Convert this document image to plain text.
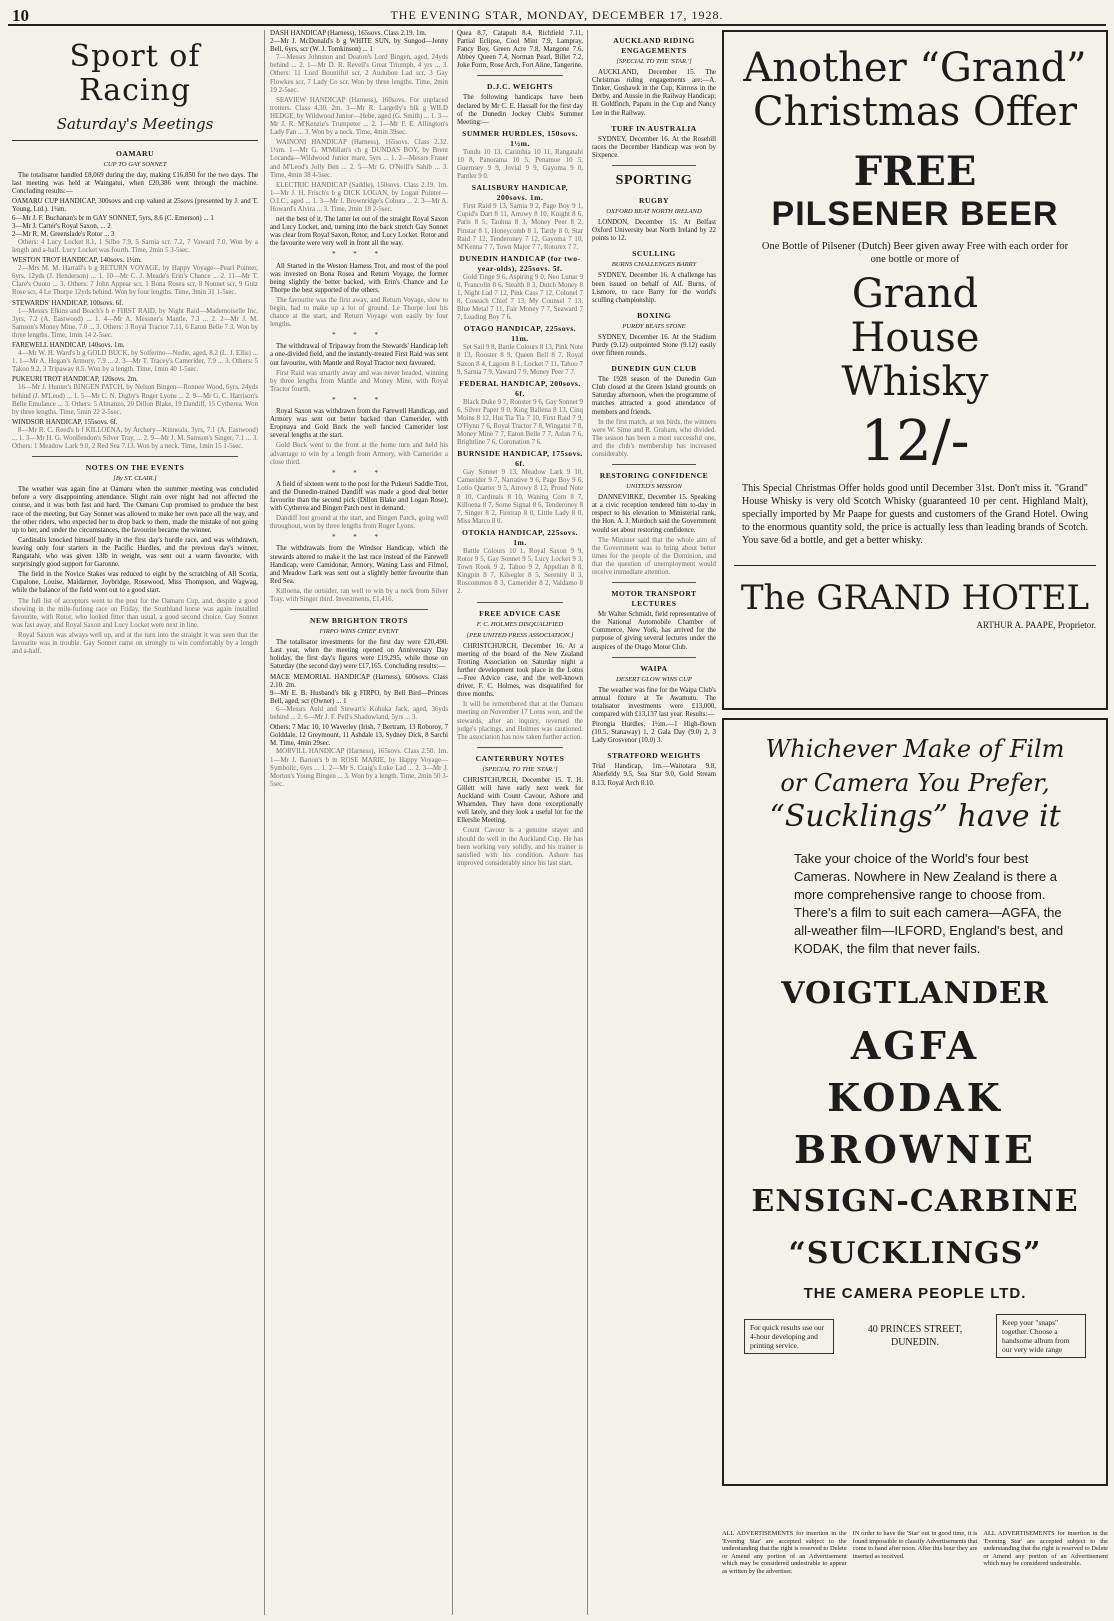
10	THE EVENING STAR, MONDAY, DECEMBER 17, 1928.
Sport of Racing
Saturday's Meetings
OAMARU
CUP TO GAY SONNET

The totalisator handled £8,069 during the day, making £16,850 for the two days. The last meeting was held at Waingatui, when £20,386 went through the machine. Concluding results:—

OAMARU CUP HANDICAP, 300sovs and cup valued at 25sovs (presented by J. and T. Young, Ltd.). 1¼m.

6—Mr J. F. Buchanan's br m GAY SONNET, 5yrs, 8.6 (C. Emerson) ... 1

3—Mr J. Carter's Royal Saxon, ... 2

2—Mr R. M. Greenslade's Rotor ... 3

Others: 4 Lucy Locket 8.1, 1 Silbo 7.9, 5 Sarnia scr. 7.2, 7 Vaward 7.0. Won by a length and a-half. Lucy Locket was fourth. Time, 2min 5 3-5sec.

WESTON TROT HANDICAP, 140sovs. 1½m.

2—Mrs M. M. Harrall's b g RETURN VOYAGE, by Happy Voyage—Pearl Pointer, 6yrs, 12yds (J. Henderson) ... 1. 10—Mr C. J. Meade's Erin's Chance ... 2. 11—Mr T. Clare's Ouoto ... 3. Others: 7 John Appear scr, 1 Bona Rosea scr, 8 Nonnet scr, 9 Guiz Rose scr, 4 Le Thorpe 12yds behind. Won by four lengths. Time, 3min 31 1-5sec.

STEWARDS' HANDICAP, 100sovs. 6f.

1—Messrs Elkins and Beach's b e FIRST RAID, by Night Raid—Mademoiselle Inc, 3yrs, 7.2 (A. Eastwood) ... 1. 4—Mr A. Messner's Mantle, 7.3 ... 2. 2—Mr J. M. Samson's Money Mine, 7.0 ... 3. Others: 3 Royal Tractor 7.11, 6 Eaton Belle 7.3. Won by three lengths. Time, 1min 14 2-5sec.

FAREWELL HANDICAP, 140sovs. 1m.

4—Mr W. H. Ward's b g GOLD BUCK, by Solferino—Nudie, aged, 8.2 (L. J. Ellis) ... 1. 1—Mr A. Hogan's Armory, 7.9 ... 2. 3—Mr T. Tracey's Camerider, 7.9 ... 3. Others: 5 Takoo 9.2, 3 Tripaway 8.5. Won by a length. Time, 1min 40 1-5sec.

PUKEURI TROT HANDICAP, 120sovs. 2m.

16—Mr J. Hunter's BINGEN PATCH, by Nelson Bingen—Ronnee Wood, 6yrs, 24yds behind (J. M'Leod) ... 1. 5—Mr C. N. Digby's Roger Lyons ... 2. 9—Mr G. C. Harrison's Belle Emulance ... 3. Others: 5 Almanzo, 20 Dillon Blake, 19 Dandiff, 15 Cytherea. Won by three lengths. Time, 5min 22 2-5sec.

WINDSOR HANDICAP, 155sovs. 6f.

8—Mr R. C. Reed's b f KILLOENA, by Archery—Kinneala, 3yrs, 7.1 (A. Eastwood) ... 1. 3—Mr H. G. Woolfendon's Silver Tray, ... 2. 9—Mr J. M. Samson's Singer, 7.1 ... 3. Others: 1 Meadow Lark 9.0, 2 Red Sea 7.13. Won by a neck. Time, 1min 15 1-5sec.

NOTES ON THE EVENTS
[By ST. CLAIR.]

The weather was again fine at Oamaru when the summer meeting was concluded before a very disappointing attendance. Slight rain over night had not affected the course, and it was both fast and hard. The Oamaru Cup promised to produce the best race of the meeting, but Gay Sonnet was allowed to make her own pace all the way, and the other riders, who expected her to drop back to them, made the mistake of not going up to her, and under the circumstances, the favourite became the winner.

Cardinalis knocked himself badly in the first day's hurdle race, and was withdrawn, leaving only four starters in the Pacific Hurdles, and the previous day's winner, Rangatahi, who was given 13lb in weight, was sent out a warm favourite, with surprisingly good support for Garonne.

The field in the Novice Stakes was reduced to eight by the scratching of All Scotia, Cupalone, Louise, Maidanner, Joybridge, Rosewood, Miss Thompson, and Wagwag, while the balance of the field went out to a good start.

The full list of acceptors went to the post for the Oamaru Cup, and, despite a good showing in the mile-furlong race on Friday, the Southland horse was again installed favourite, with Rotor, who looked fitter than usual, a good second choice. Gay Sonnet was fast away, and Royal Saxon and Lucy Locket were next in line.

Royal Saxon was always well up, and at the turn into the straight it was seen that the favourite was in trouble. Gay Sonnet came on strongly to win comfortably by a length and a-half.

DASH HANDICAP (Harness), 165sovs. Class 2.19. 1m.

2—Mr J. McDonald's b g WHITE SUN, by Sungod—Jenny Bell, 6yrs, scr (W. J. Tomkinson) ... 1

7—Messrs Johnston and Deaton's Lord Bingen, aged, 24yds behind ... 2. 1—Mr D. R. Revell's Great Triumph, 4 yrs ... 3. Others: 11 Lord Bountiful scr, 2 Audubon Lad scr, 3 Gay Flowkes scr, 7 Lady Co scr. Won by three lengths. Time, 2min 19 2-5sec.

SEAVIEW HANDICAP (Harness), 160sovs. For unplaced trotters. Class 4.30. 2m. 3—Mr R. Largelly's blk g WILD HEDGE, by Wildwood Junior—Hebe, aged (G. Smith) ... 1. 3—Mr J. R. M'Kenzie's Trumpeter ... 2. 1—Mr F. E. Allington's Lady Fan ... 3. Won by a neck. Time, 4min 39sec.

WAINONI HANDICAP (Harness), 165sovs. Class 2.32. 1¼m. 1—Mr G. M'Millan's ch g DUNDAS BOY, by Brent Locanda—Wildwood Junior mare, 5yrs ... 1. 2—Messrs Fraser and M'Leod's Jolly Ben ... 2. 5—Mr G. O'Neill's Sahib ... 3. Time, 4min 38 4-5sec.

ELECTRIC HANDICAP (Saddle), 150sovs. Class 2.19. 1m. 1—Mr J. H. Frisch's b g DICK LOGAN, by Logan Pointer—O.I.C., aged ... 1. 3—Mr J. Brownridge's Cobura ... 2. 3—Mr A. Howard's Alvira ... 3. Time, 2min 18 2-5sec.

net the best of it. The latter let out of the straight Royal Saxon and Lucy Locket, and, turning into the back stretch Gay Sonnet was clear from Royal Saxon, Rotor, and Lucy Locket. Rotor and the favourite were very well in front all the way.

* * *

All Started in the Weston Harness Trot, and most of the pool was invested on Bona Rosea and Return Voyage, the former being slightly the better backed, with Erin's Chance and Le Thorpe the best supported of the others.

The favourite was the first away, and Return Voyage, slow to begin, had to make up a lot of ground. Le Thorpe lost his chance at the start, and Return Voyage won easily by four lengths.

* * *

The withdrawal of Tripaway from the Stewards' Handicap left a one-divided field, and the instantly-treated First Raid was sent out favourite, with Mantle and Royal Tractor next favoured.

First Raid was smartly away and was never headed, winning by three lengths from Mantle and Money Mine, with Royal Tractor fourth.

* * *

Royal Saxon was withdrawn from the Farewell Handicap, and Armory was sent out better backed than Camerider, with Eropnaya and Gold Buck the well fancied Camerider lost several lengths at the start.

Gold Buck went to the front at the home turn and held his advantage to win by a length from Armory, with Camerider a close third.

* * *

A field of sixteen went to the post for the Pukeuri Saddle Trot, and the Dunedin-trained Dandiff was made a good deal better favourite than the second pick (Dillon Blake and Logan Rose), with Cytherea and Bingen Patch next in demand.

Dandiff lost ground at the start, and Bingen Patch, going well throughout, won by three lengths from Roger Lyons.

* * *

The withdrawals from the Windsor Handicap, which the stewards altered to make it the last race instead of the Farewell Handicap, were Camidonar, Armory, Waning Lass and Filmol, and Meadow Lark was sent out a slightly better favourite than Red Sea.

Killoena, the outsider, ran well to win by a neck from Silver Tray, with Singer third. Investments, £1,416.

NEW BRIGHTON TROTS
FIRPO WINS CHIEF EVENT

The totalisator investments for the first day were £20,490. Last year, when the meeting opened on Anniversary Day holiday, the first day's figures were £19,295, while those on Saturday (the second day) were £17,165. Concluding results:—

MACE MEMORIAL HANDICAP (Harness), 600sovs. Class 2.10. 2m.

9—Mr E. B. Husband's blk g FIRPO, by Bell Bird—Princes Bell, aged, scr (Owner) ... 1

6—Messrs Auld and Stewart's Kohuka Jack, aged, 36yds behind ... 2. 6—Mr J. F. Pell's Shadowland, 5yrs ... 3.

Others: 7 Mac 10, 10 Waverley (Irish, 7 Bertram, 13 Roboroy, 7 Golddale, 12 Greymount, 11 Ashdale 13, Sydney Dick, 8 Sarchi M. Time, 4min 29sec.

MORVILL HANDICAP (Harness), 165sovs. Class 2.50. 1m. 1—Mr J. Barton's b m ROSE MARIE, by Happy Voyage—Symbolic, 6yrs ... 1. 2—Mr S. Craig's Luke Lad ... 2. 3—Mr J. Morton's Young Bingen ... 3. Won by a length. Time, 2min 50 3-5sec.

Quea 8.7, Catapult 8.4, Richfield 7.11, Partial Eclipse, Cool Mint 7.9, Lampray, Fancy Boy, Green Acre 7.8, Mangone 7.6, Abbey Queen 7.4, Norman Pearl, Billet 7.2, Joke Form, Rose Arch, Fort Aline, Tangerine.

D.J.C. WEIGHTS

The following handicaps have been declared by Mr C. E. Hassall for the first day of the Dunedin Jockey Club's Summer Meeting:—

SUMMER HURDLES, 150sovs. 1½m.

Tondu 10 13, Carinthia 10 11, Rangatahi 10 8, Panorama 10 5, Penamoe 10 5, Guernsey 9 9, Jovial 9 9, Gayoma 9 0, Pantler 9 0.

SALISBURY HANDICAP, 200sovs. 1m.

First Raid 9 13, Sarnia 9 2, Page Boy 9 1, Cupid's Dart 8 11, Arrowy 8 10, Knight 8 6, Paris 8 5, Tauhua 8 3, Money Peer 8 2, Pinstar 8 1, Honeycomb 8 1, Tardy 8 0, Star Raid 7 12, Tenderoney 7 12, Gayoma 7 10, M'Kenna 7 7, Town Major 7 7, Rotorex 7 7.

DUNEDIN HANDICAP (for two-year-olds), 225sovs. 5f.

Gold Tinge 9 6, Aspiring 9 0, Neo Lunar 9 0, Francolin 8 6, Stealth 8 3, Dutch Money 8 1, Night Lad 7 12, Pink Cass 7 12, Colonel 7 8, Coseach Chief 7 13, My Counsel 7 13, Blue Metal 7 11, Fair Money 7 7, Seaward 7 7, Leading Boy 7 6.

OTAGO HANDICAP, 225sovs. 11m.

Set Sail 9 8, Battle Colours 8 13, Pink Note 8 13, Rooster 8 9, Queen Bell 8 7, Royal Saxon 8 4, Lagoon 8 1, Locket 7 11, Tahoo 7 9, Sarnia 7 9, Vaward 7 9, Money Peer 7 7.

FEDERAL HANDICAP, 200sovs. 6f.

Black Duke 9 7, Rooster 9 6, Gay Sonnet 9 6, Silver Paper 9 0, King Ballena 8 13, Cinq Moins 8 12, Hui Tia Tia 7 10, First Raid 7 9, O'Flynn 7 6, Royal Tractor 7 8, Wingatui 7 8, Money Mine 7 7, Eaton Belle 7 7, Aslan 7 6, Brightline 7 6, Coronation 7 6.

BURNSIDE HANDICAP, 175sovs. 6f.

Gay Sonnet 9 13, Meadow Lark 9 10, Camerider 9 7, Narrative 9 6, Page Boy 9 6, Lotio Quarter 9 5, Arrowy 8 12, Proud Note 8 10, Cardinals 8 10, Waning Corn 8 7, Killoena 8 7, Some Signal 8 6, Tenderoney 8 7, Singer 8 2, Firetrap 8 0, Little Lady 8 0, Miss Marco 8 0.

OTOKIA HANDICAP, 225sovs. 1m.

Battle Colours 10 1, Royal Saxon 9 9, Rotor 9 5, Gay Sonnet 9 5, Lucy Locket 9 3, Town Rook 9 2, Tahoo 9 2, Appelian 8 8, Kingpin 8 7, Kilsegler 8 5, Serenity 8 3, Roscommon 8 3, Camerider 8 2, Valdamo 8 2.

FREE ADVICE CASE
F. C. HOLMES DISQUALIFIED
[PER UNITED PRESS ASSOCIATION.]

CHRISTCHURCH, December 16. At a meeting of the board of the New Zealand Trotting Association on Saturday night a further development took place in the Lotus—Free Advice case, and the well-known driver, F. C. Holmes, was disqualified for three months.

It will be remembered that at the Oamaru meeting on November 17 Lotus won, and the stewards, after an inquiry, reversed the judge's placings, and Holmes was cautioned. The association has now taken further action.

CANTERBURY NOTES
[SPECIAL TO THE 'STAR.']

CHRISTCHURCH, December 15. T. H. Gillett will have early next week for Auckland with Count Cavour, Ashore and Wharnden. They have done exceptionally well lately, and they look a useful lot for the Ellerslie Meeting.

Count Cavour is a genuine stayer and should do well in the Auckland Cup. He has been working very solidly, and his trainer is satisfied with his condition. Ashore has improved considerably since his last start.

AUCKLAND RIDING ENGAGEMENTS
[SPECIAL TO THE 'STAR.']

AUCKLAND, December 15. The Christmas riding engagements are:—A. Tinker, Goshawk in the Cup, Kinross in the Derby, and Aussie in the Railway Handicap; H. Goldfinch, Papatu in the Cup and Nancy Lee in the Railway.

TURF IN AUSTRALIA

SYDNEY, December 16. At the Rosehill races the December Handicap was won by Sixpence.

SPORTING
RUGBY
OXFORD BEAT NORTH IRELAND

LONDON, December 15. At Belfast Oxford University beat North Ireland by 22 points to 12.

SCULLING
BURNS CHALLENGES BARRY

SYDNEY, December 16. A challenge has been issued on behalf of Alf. Burns, of Lismore, to race Barry for the world's sculling championship.

BOXING
PURDY BEATS STONE

SYDNEY, December 16. At the Stadium Purdy (9.12) outpointed Stone (9.12) easily over fifteen rounds.

DUNEDIN GUN CLUB

The 1928 season of the Dunedin Gun Club closed at the Green Island grounds on Saturday afternoon, when the programme of matches attracted a good attendance of members and friends.

In the first match, at ten birds, the winners were W. Sime and R. Graham, who divided. The season has been a most successful one, and the club's membership has increased considerably.

RESTORING CONFIDENCE
UNITED'S MISSION

DANNEVIRKE, December 15. Speaking at a civic reception tendered him to-day in respect to his elevation to Ministerial rank, the Hon. A. J. Murdoch said the Government would set about restoring confidence.

The Minister said that the whole aim of the Government was to bring about better times for the people of the Dominion, and that the question of unemployment would receive immediate attention.

MOTOR TRANSPORT LECTURES

Mr Walter Schmidt, field representative of the National Automobile Chamber of Commerce, New York, has arrived for the purpose of giving several lectures under the auspices of the Otago Motor Club.

WAIPA
DESERT GLOW WINS CUP

The weather was fine for the Waipa Club's annual fixture at Te Awamutu. The totalisator investments were £13,000, compared with £13,137 last year. Results:—

Pirongia Hurdles, 1½m.—1 High-flown (10.5, Stanaway) 1, 2 Gala Day (9.0) 2, 3 Lady Grosvenor (10.0) 3.

STRATFORD WEIGHTS

Trial Handicap, 1m.—Waitotara 9.8, Aberfeldy 9.5, Sea Star 9.0, Gold Stream 8.13, Royal Arch 8.10.

Another “Grand”
Christmas Offer
FREE
PILSENER BEER
One Bottle of Pilsener (Dutch) Beer given away Free with each order for one bottle or more of
Grand
House
Whisky
12/-
This Special Christmas Offer holds good until December 31st. Don't miss it. "Grand" House Whisky is very old Scotch Whisky (guaranteed 10 per cent. Highland Malt), specially imported by Mr Paape for guests and customers of the Grand Hotel. Owing to the enormous quantity sold, the price is actually less than leading brands of Scotch. You save 6d a bottle, and get a better whisky.
The GRAND HOTEL
ARTHUR A. PAAPE, Proprietor.
Whichever Make of Film
or Camera You Prefer,
“Sucklings” have it
Take your choice of the World's four best Cameras. Nowhere in New Zealand is there a more comprehensive range to choose from. There's a film to suit each camera—AGFA, the all-weather film—ILFORD, England's best, and KODAK, the film that never fails.
VOIGTLANDER
AGFA
KODAK
BROWNIE
ENSIGN-CARBINE
“SUCKLINGS”
THE CAMERA PEOPLE LTD.
For quick results use our 4-hour developing and printing service.
40 PRINCES STREET,
DUNEDIN.
Keep your "snaps" together. Choose a handsome album from our very wide range
ALL ADVERTISEMENTS for insertion in the 'Evening Star' are accepted subject to the understanding that the right is reserved to Delete or Amend any portion of an Advertisement which may be considered undesirable to appear as written by the advertiser.
IN order to have the 'Star' out in good time, it is found impossible to classify Advertisements that come to hand after noon. After this hour they are inserted as received.
ALL ADVERTISEMENTS for insertion in the 'Evening Star' are accepted subject to the understanding that the right is reserved to Delete or Amend any portion of an Advertisement which may be considered undesirable.
